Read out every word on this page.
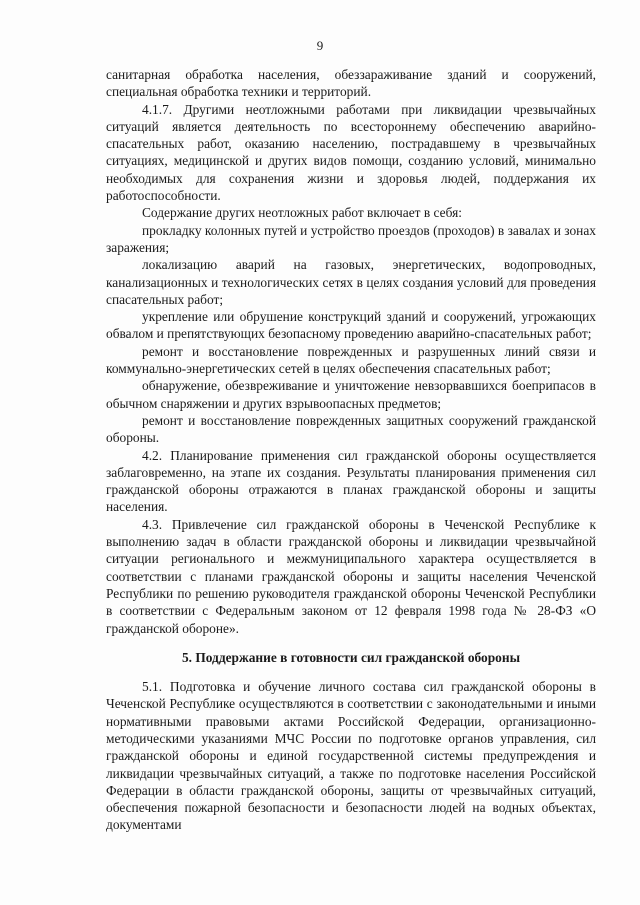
9

санитарная обработка населения, обеззараживание зданий и сооружений, специальная обработка техники и территорий.

4.1.7. Другими неотложными работами при ликвидации чрезвычайных ситуаций является деятельность по всестороннему обеспечению аварийно-спасательных работ, оказанию населению, пострадавшему в чрезвычайных ситуациях, медицинской и других видов помощи, созданию условий, минимально необходимых для сохранения жизни и здоровья людей, поддержания их работоспособности.

Содержание других неотложных работ включает в себя:

прокладку колонных путей и устройство проездов (проходов) в завалах и зонах заражения;

локализацию аварий на газовых, энергетических, водопроводных, канализационных и технологических сетях в целях создания условий для проведения спасательных работ;

укрепление или обрушение конструкций зданий и сооружений, угрожающих обвалом и препятствующих безопасному проведению аварийно-спасательных работ;

ремонт и восстановление поврежденных и разрушенных линий связи и коммунально-энергетических сетей в целях обеспечения спасательных работ;

обнаружение, обезвреживание и уничтожение невзорвавшихся боеприпасов в обычном снаряжении и других взрывоопасных предметов;

ремонт и восстановление поврежденных защитных сооружений гражданской обороны.

4.2. Планирование применения сил гражданской обороны осуществляется заблаговременно, на этапе их создания. Результаты планирования применения сил гражданской обороны отражаются в планах гражданской обороны и защиты населения.

4.3. Привлечение сил гражданской обороны в Чеченской Республике к выполнению задач в области гражданской обороны и ликвидации чрезвычайной ситуации регионального и межмуниципального характера осуществляется в соответствии с планами гражданской обороны и защиты населения Чеченской Республики по решению руководителя гражданской обороны Чеченской Республики в соответствии с Федеральным законом от 12 февраля 1998 года № 28-ФЗ «О гражданской обороне».

5. Поддержание в готовности сил гражданской обороны

5.1. Подготовка и обучение личного состава сил гражданской обороны в Чеченской Республике осуществляются в соответствии с законодательными и иными нормативными правовыми актами Российской Федерации, организационно-методическими указаниями МЧС России по подготовке органов управления, сил гражданской обороны и единой государственной системы предупреждения и ликвидации чрезвычайных ситуаций, а также по подготовке населения Российской Федерации в области гражданской обороны, защиты от чрезвычайных ситуаций, обеспечения пожарной безопасности и безопасности людей на водных объектах, документами
